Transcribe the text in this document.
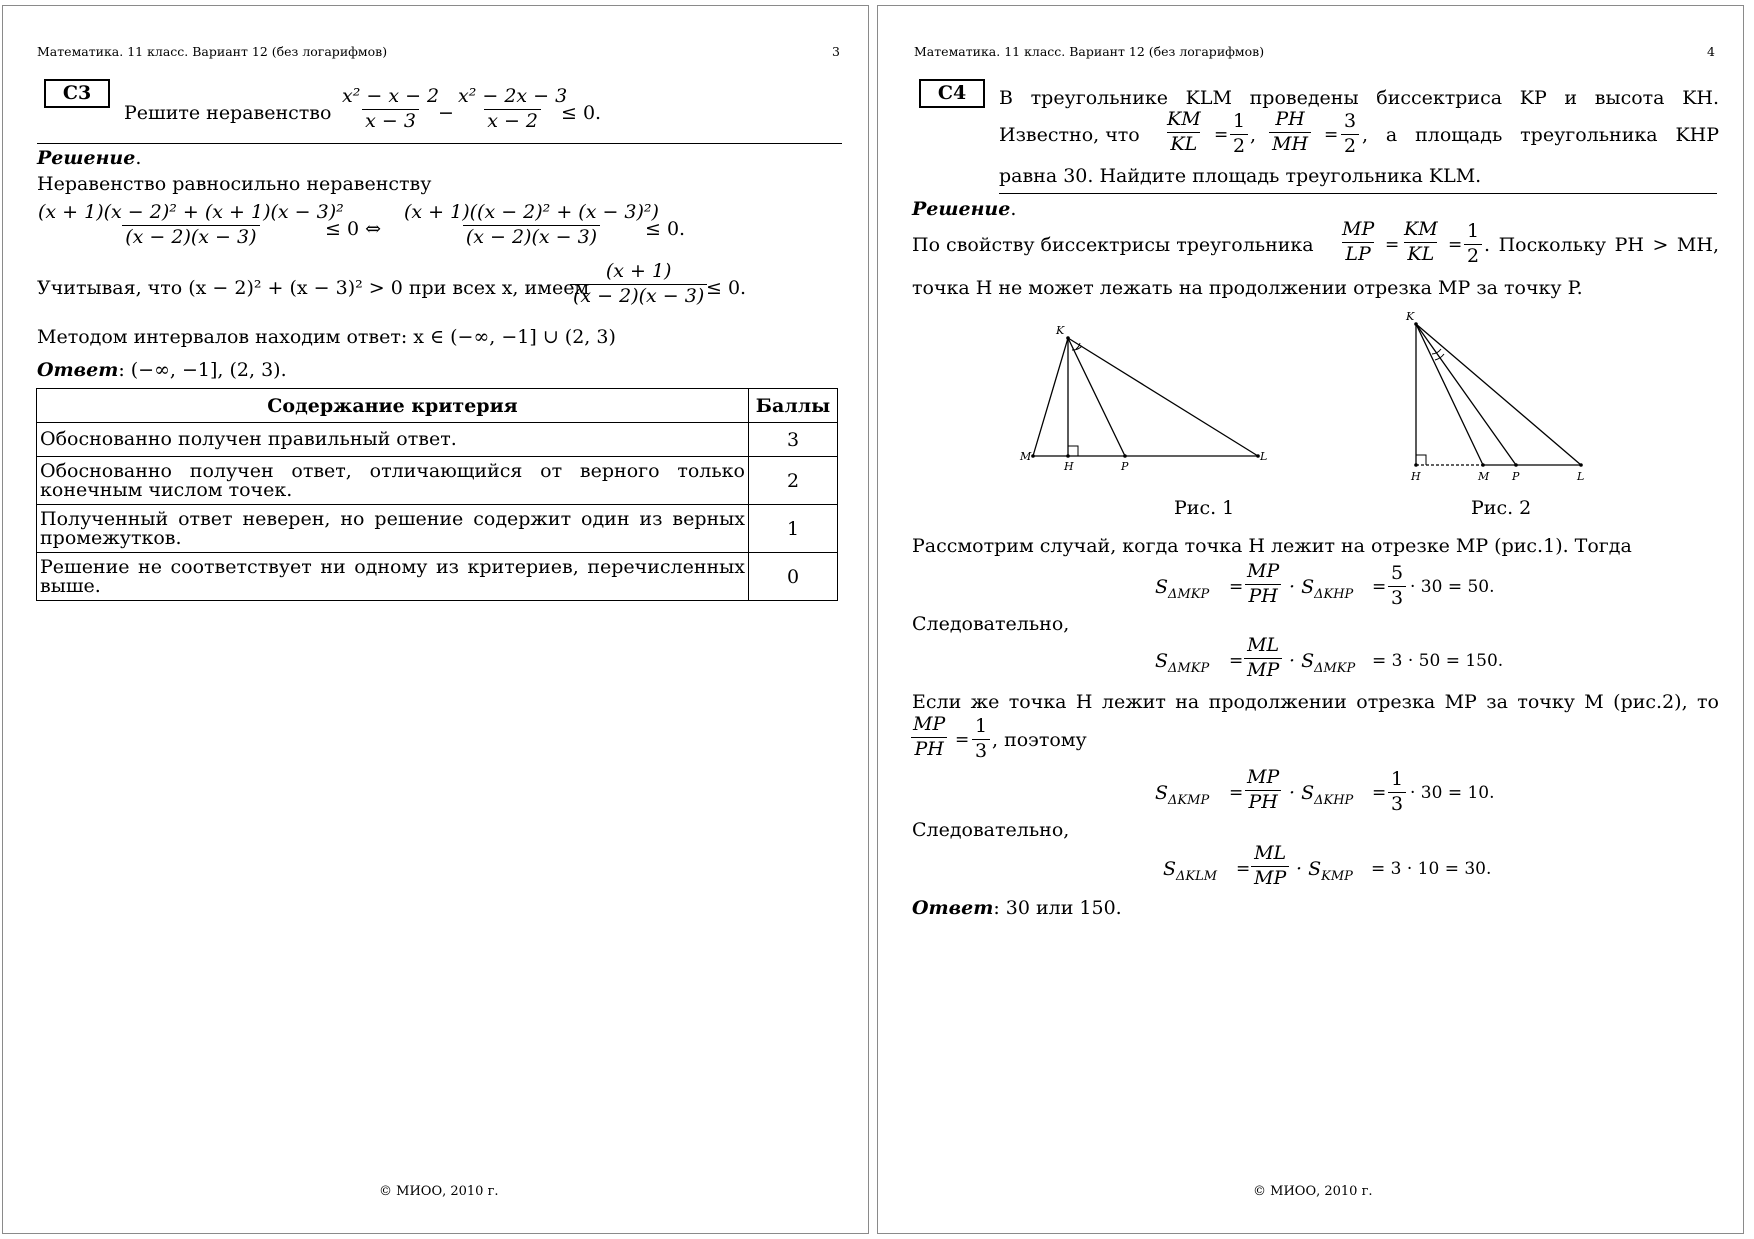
Математика. 11 класс. Вариант 12 (без логарифмов)	3
С3
Решите неравенство $\frac{\text{x² − x − 2}}{x - 3}$
− $\frac{\text{x² − 2x − 3}}{x - 2}$
≤ 0.
Решение.
Неравенство равносильно неравенству
$\frac{\text{(x + 1)(x − 2)² + (x + 1)(x − 3)²}}{(x - 2)(x - 3)}$
≤ 0 ⇔ $\frac{\text{(x + 1)((x − 2)² + (x − 3)²)}}{(x - 2)(x - 3)}$
≤ 0.
Учитывая, что (x − 2)² + (x − 3)² > 0 при всех x, имеем
$\frac{(x + 1)}{(x - 2)(x - 3)}$
≤ 0.
Методом интервалов находим ответ: x ∈ (−∞, −1] ∪ (2, 3)
Ответ: (−∞, −1], (2, 3).
Содержание критерия	Баллы
Обоснованно получен правильный ответ.	3
Обоснованно получен ответ, отличающийся от верного только конечным числом точек.	2
Полученный ответ неверен, но решение содержит один из верных промежутков.	1
Решение не соответствует ни одному из критериев, перечисленных выше.	0
© МИОО, 2010 г.
Математика. 11 класс. Вариант 12 (без логарифмов)	4
С4	В треугольнике KLM проведены биссектриса KP и высота KH.
Известно, что $\frac{KM}{KL} = \frac{1}{2}$ , $\frac{PH}{MH} = \frac{3}{2}$ , а площадь треугольника KHP
равна 30. Найдите площадь треугольника KLM.
Решение.
По свойству биссектрисы треугольника $\frac{MP}{LP} = \frac{KM}{KL} = \frac{1}{2}$ . Поскольку PH > MH,
точка H не может лежать на продолжении отрезка MP за точку P.
K
M
H	P
L
K
H	M P	L
Рис. 1	Рис. 2
Рассмотрим случай, когда точка H лежит на отрезке MP (рис.1). Тогда
$S_{\Delta MKP} = \frac{MP}{PH} \cdot S_{\Delta KHP} = \frac{5}{3} \cdot 30 = 50$.
Следовательно,
$S_{\Delta MKP} = \frac{ML}{MP} \cdot S_{\Delta MKP} = 3 \cdot 50 = 150$.
Если же точка H лежит на продолжении отрезка MP за точку M (рис.2), то
$\frac{MP}{PH} = \frac{1}{3}$ , поэтому
$S_{\Delta KMP} = \frac{MP}{PH} \cdot S_{\Delta KHP} = \frac{1}{3} \cdot 30 = 10$.
Следовательно,
$S_{\Delta KLM} = \frac{ML}{MP} \cdot S_{KMP} = 3 \cdot 10 = 30$.
Ответ: 30 или 150.
© МИОО, 2010 г.
